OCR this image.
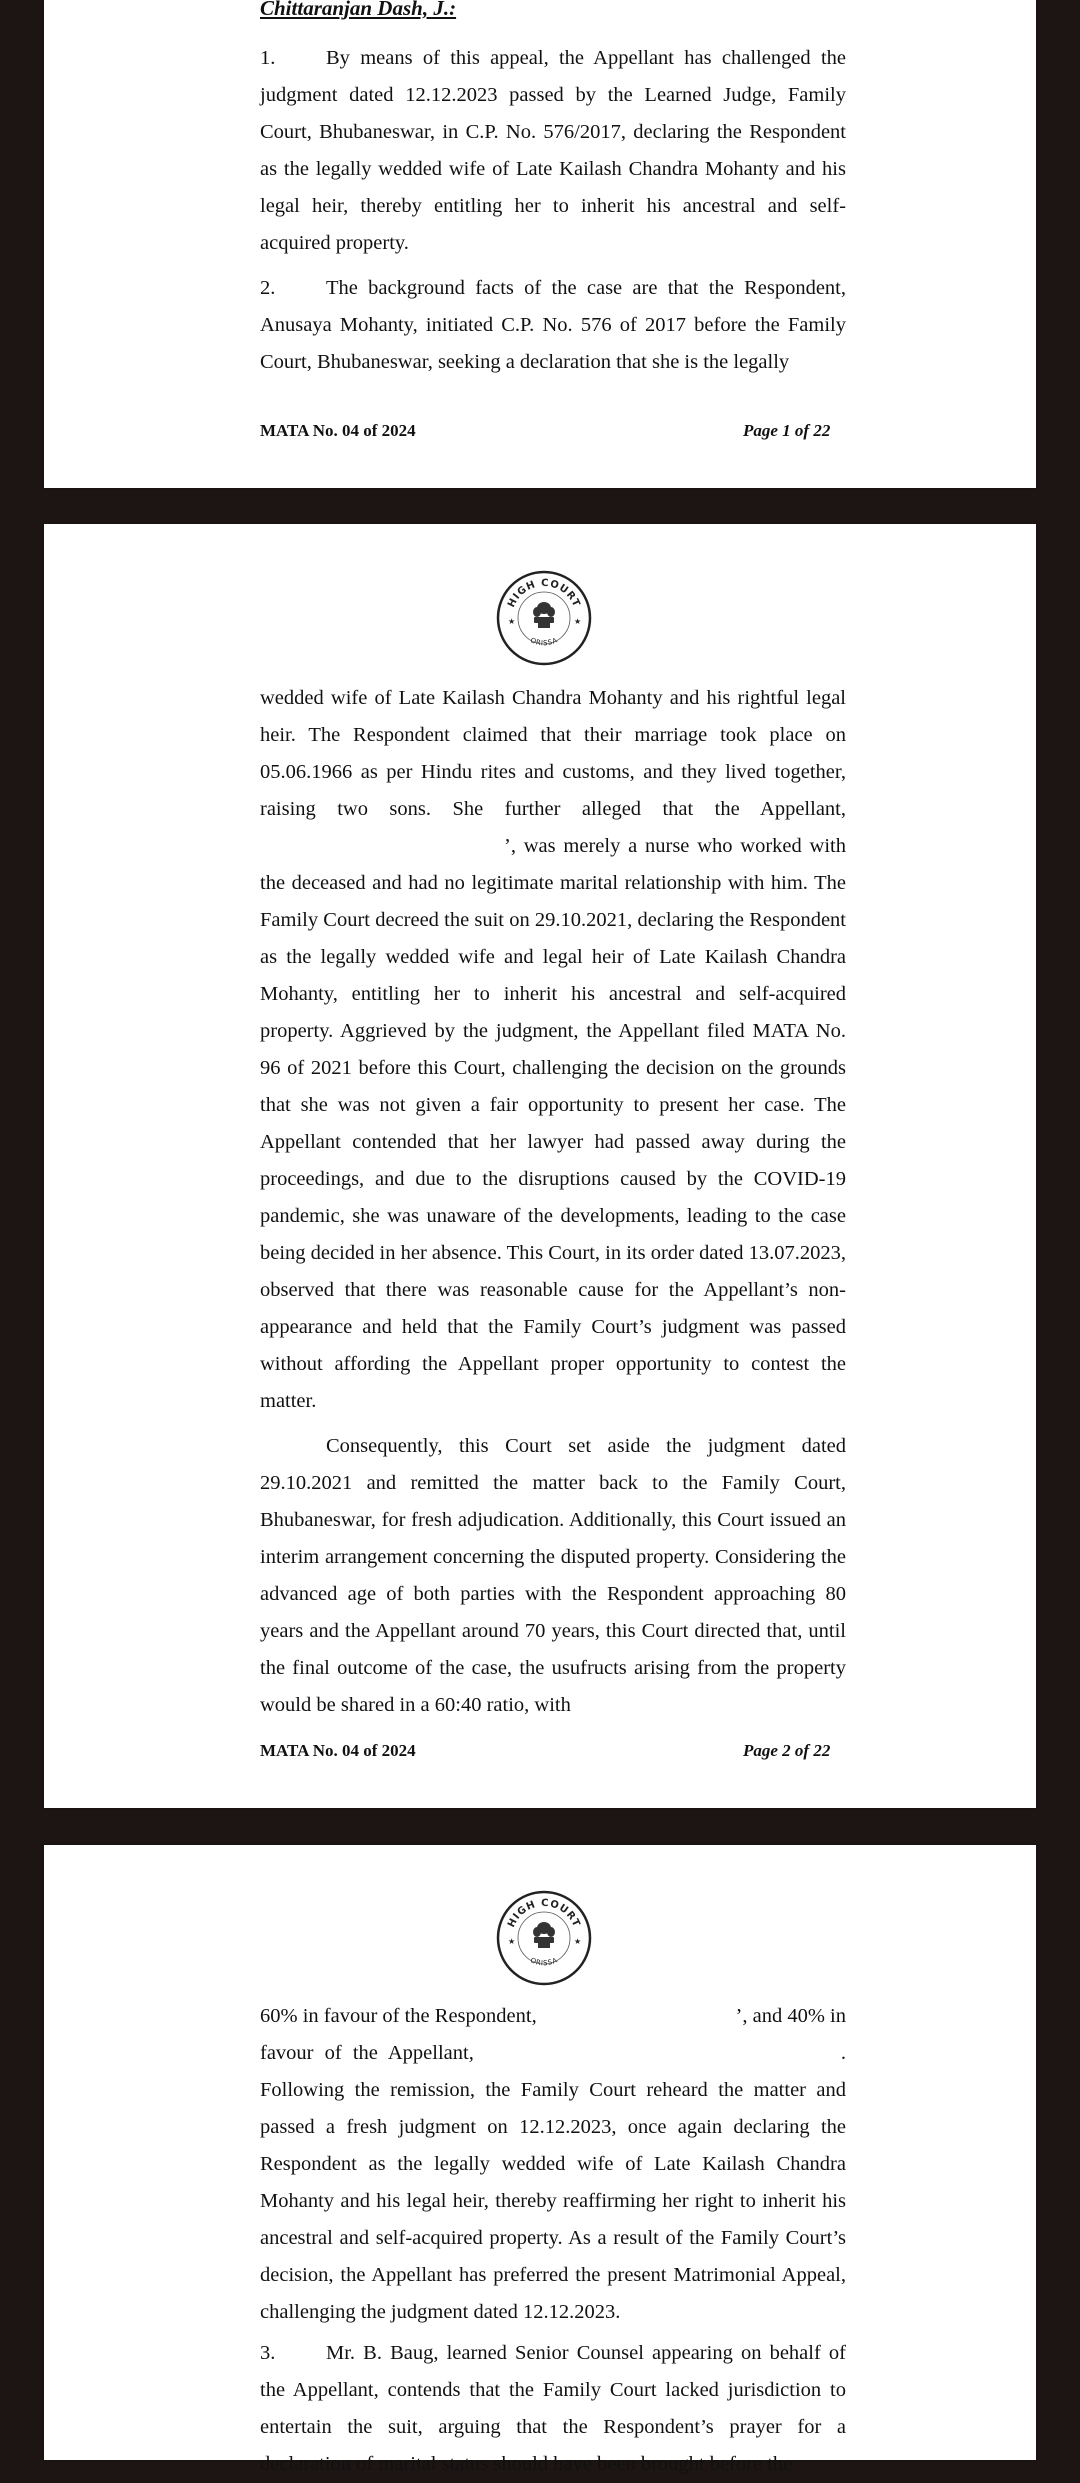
Chittaranjan Dash, J.:

1. By means of this appeal, the Appellant has challenged the judgment dated 12.12.2023 passed by the Learned Judge, Family Court, Bhubaneswar, in C.P. No. 576/2017, declaring the Respondent as the legally wedded wife of Late Kailash Chandra Mohanty and his legal heir, thereby entitling her to inherit his ancestral and self-acquired property.

2. The background facts of the case are that the Respondent, Anusaya Mohanty, initiated C.P. No. 576 of 2017 before the Family Court, Bhubaneswar, seeking a declaration that she is the legally

MATA No. 04 of 2024	Page 1 of 22
HIGH COURT
ORISSA
★	★

wedded wife of Late Kailash Chandra Mohanty and his rightful legal heir. The Respondent claimed that their marriage took place on 05.06.1966 as per Hindu rites and customs, and they lived together, raising two sons. She further alleged that the Appellant,’, was merely a nurse who worked with the deceased and had no legitimate marital relationship with him. The Family Court decreed the suit on 29.10.2021, declaring the Respondent as the legally wedded wife and legal heir of Late Kailash Chandra Mohanty, entitling her to inherit his ancestral and self-acquired property. Aggrieved by the judgment, the Appellant filed MATA No. 96 of 2021 before this Court, challenging the decision on the grounds that she was not given a fair opportunity to present her case. The Appellant contended that her lawyer had passed away during the proceedings, and due to the disruptions caused by the COVID-19 pandemic, she was unaware of the developments, leading to the case being decided in her absence. This Court, in its order dated 13.07.2023, observed that there was reasonable cause for the Appellant’s non-appearance and held that the Family Court’s judgment was passed without affording the Appellant proper opportunity to contest the matter.

Consequently, this Court set aside the judgment dated 29.10.2021 and remitted the matter back to the Family Court, Bhubaneswar, for fresh adjudication. Additionally, this Court issued an interim arrangement concerning the disputed property. Considering the advanced age of both parties with the Respondent approaching 80 years and the Appellant around 70 years, this Court directed that, until the final outcome of the case, the usufructs arising from the property would be shared in a 60:40 ratio, with

MATA No. 04 of 2024	Page 2 of 22
HIGH COURT
ORISSA
★	★
60% in favour of the Respondent,	’ , and 40% in
favour of the Appellant,	.

Following the remission, the Family Court reheard the matter and passed a fresh judgment on 12.12.2023, once again declaring the Respondent as the legally wedded wife of Late Kailash Chandra Mohanty and his legal heir, thereby reaffirming her right to inherit his ancestral and self-acquired property. As a result of the Family Court’s decision, the Appellant has preferred the present Matrimonial Appeal, challenging the judgment dated 12.12.2023.

3. Mr. B. Baug, learned Senior Counsel appearing on behalf of the Appellant, contends that the Family Court lacked jurisdiction to entertain the suit, arguing that the Respondent’s prayer for a declaration of marital status should have been brought before the
